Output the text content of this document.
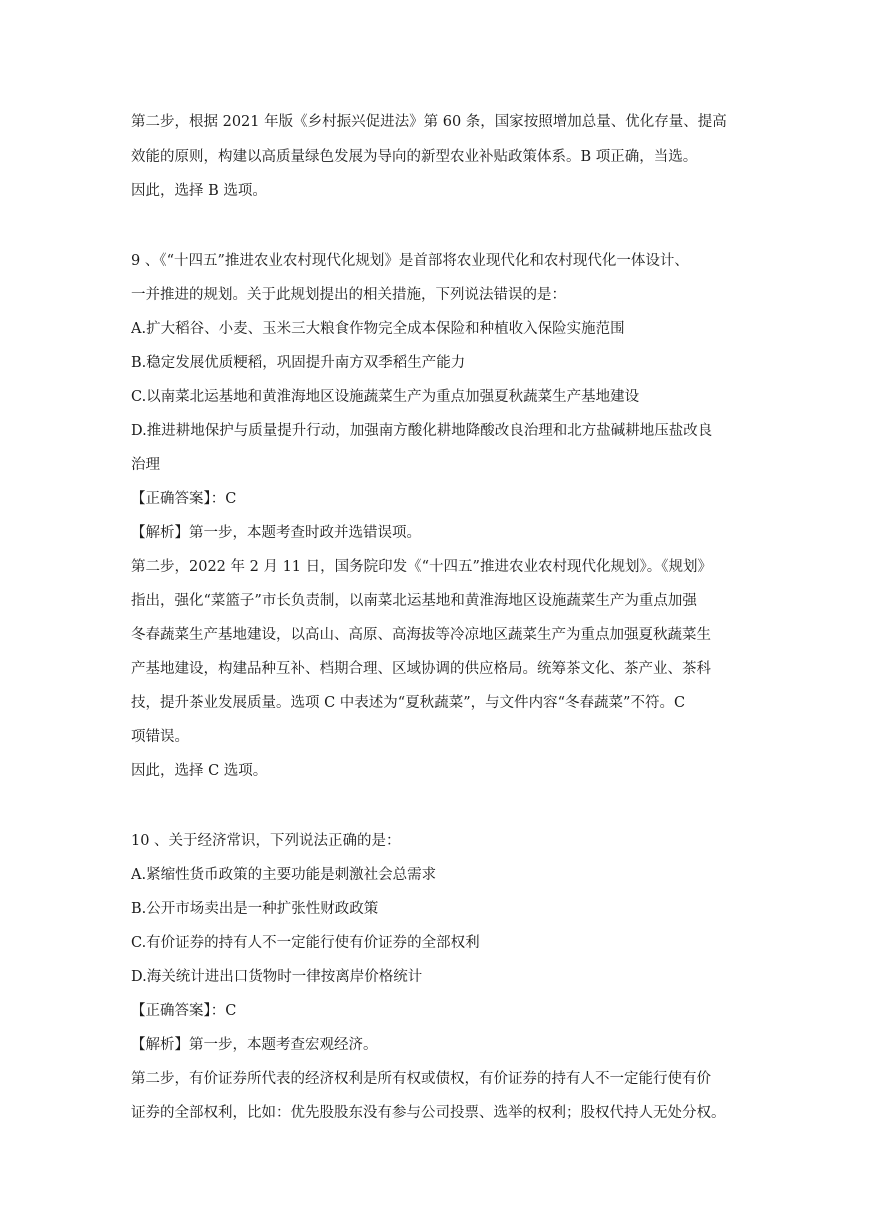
第二步，根据 2021 年版《乡村振兴促进法》第 60 条，国家按照增加总量、优化存量、提高
效能的原则，构建以高质量绿色发展为导向的新型农业补贴政策体系。B 项正确，当选。
因此，选择 B 选项。
9 、《“十四五”推进农业农村现代化规划》是首部将农业现代化和农村现代化一体设计、
一并推进的规划。关于此规划提出的相关措施，下列说法错误的是：
A.扩大稻谷、小麦、玉米三大粮食作物完全成本保险和种植收入保险实施范围
B.稳定发展优质粳稻，巩固提升南方双季稻生产能力
C.以南菜北运基地和黄淮海地区设施蔬菜生产为重点加强夏秋蔬菜生产基地建设
D.推进耕地保护与质量提升行动，加强南方酸化耕地降酸改良治理和北方盐碱耕地压盐改良
治理
【正确答案】：C
【解析】第一步，本题考查时政并选错误项。
第二步，2022 年 2 月 11 日，国务院印发《“十四五”推进农业农村现代化规划》。《规划》
指出，强化“菜篮子”市长负责制，以南菜北运基地和黄淮海地区设施蔬菜生产为重点加强
冬春蔬菜生产基地建设，以高山、高原、高海拔等冷凉地区蔬菜生产为重点加强夏秋蔬菜生
产基地建设，构建品种互补、档期合理、区域协调的供应格局。统筹茶文化、茶产业、茶科
技，提升茶业发展质量。选项 C 中表述为“夏秋蔬菜”，与文件内容“冬春蔬菜”不符。C
项错误。
因此，选择 C 选项。
10 、关于经济常识，下列说法正确的是：
A.紧缩性货币政策的主要功能是刺激社会总需求
B.公开市场卖出是一种扩张性财政政策
C.有价证券的持有人不一定能行使有价证券的全部权利
D.海关统计进出口货物时一律按离岸价格统计
【正确答案】：C
【解析】第一步，本题考查宏观经济。
第二步，有价证券所代表的经济权利是所有权或债权，有价证券的持有人不一定能行使有价
证券的全部权利，比如：优先股股东没有参与公司投票、选举的权利；股权代持人无处分权。
